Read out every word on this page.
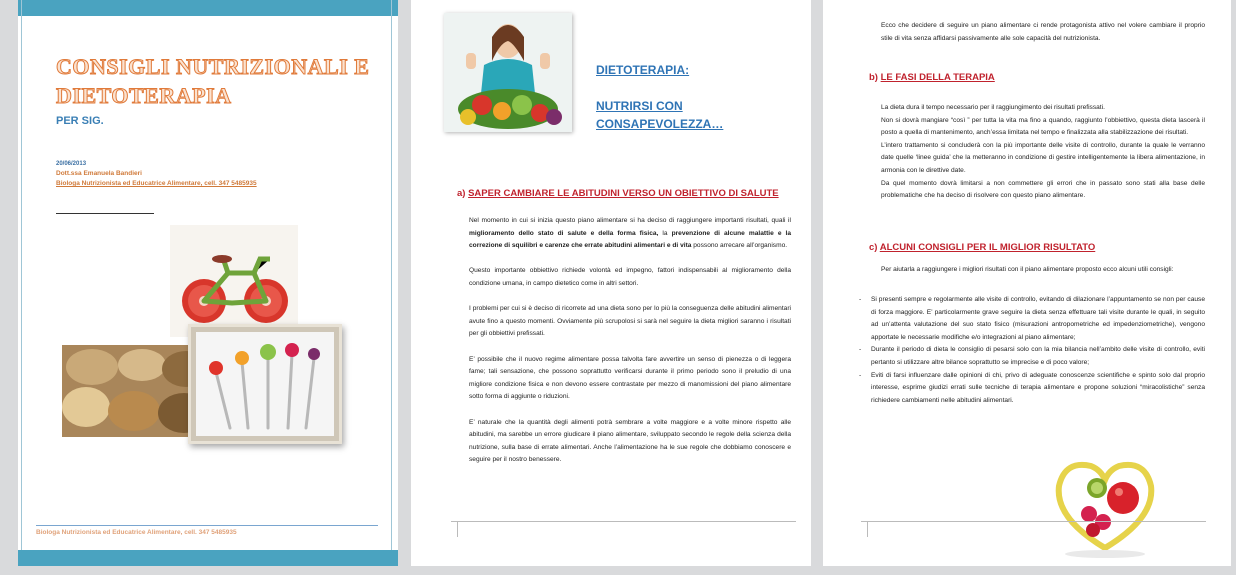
CONSIGLI NUTRIZIONALI E DIETOTERAPIA
PER SIG.
20/06/2013
Dott.ssa Emanuela Bandieri
Biologa Nutrizionista ed Educatrice Alimentare, cell. 347 5485935
Biologa Nutrizionista ed Educatrice Alimentare, cell. 347 5485935
DIETOTERAPIA:
NUTRIRSI CON
CONSAPEVOLEZZA…
a) SAPER CAMBIARE LE ABITUDINI VERSO UN OBIETTIVO DI SALUTE

Nel momento in cui si inizia questo piano alimentare si ha deciso di raggiungere importanti risultati, quali il miglioramento dello stato di salute e della forma fisica, la prevenzione di alcune malattie e la correzione di squilibri e carenze che errate abitudini alimentari e di vita possono arrecare all’organismo.

Questo importante obbiettivo richiede volontà ed impegno, fattori indispensabili al miglioramento della condizione umana, in campo dietetico come in altri settori.

I problemi per cui si è deciso di ricorrete ad una dieta sono per lo più la conseguenza delle abitudini alimentari avute fino a questo momenti. Ovviamente più scrupolosi si sarà nel seguire la dieta migliori saranno i risultati per gli obbiettivi prefissati.

E’ possibile che il nuovo regime alimentare possa talvolta fare avvertire un senso di pienezza o di leggera fame; tali sensazione, che possono soprattutto verificarsi durante il primo periodo sono il preludio di una migliore condizione fisica e non devono essere contrastate per mezzo di manomissioni del piano alimentare sotto forma di aggiunte o riduzioni.

E’ naturale che la quantità degli alimenti potrà sembrare a volte maggiore e a volte minore rispetto alle abitudini, ma sarebbe un errore giudicare il piano alimentare, sviluppato secondo le regole della scienza della nutrizione, sulla base di errate alimentari. Anche l’alimentazione ha le sue regole che dobbiamo conoscere e seguire per il nostro benessere.

Ecco che decidere di seguire un piano alimentare ci rende protagonista attivo nel volere cambiare il proprio stile di vita senza affidarsi passivamente alle sole capacità del nutrizionista.
b) LE FASI DELLA TERAPIA
La dieta dura il tempo necessario per il raggiungimento dei risultati prefissati.
Non si dovrà mangiare “così ” per tutta la vita ma fino a quando, raggiunto l’obbiettivo, questa dieta lascerà il posto a quella di mantenimento, anch’essa limitata nel tempo e finalizzata alla stabilizzazione dei risultati.
L’intero trattamento si concluderà con la più importante delle visite di controllo, durante la quale le verranno date quelle ‘linee guida’ che la metteranno in condizione di gestire intelligentemente la libera alimentazione, in armonia con le direttive date.
Da quel momento dovrà limitarsi a non commettere gli errori che in passato sono stati alla base delle problematiche che ha deciso di risolvere con questo piano alimentare.
c) ALCUNI CONSIGLI PER IL MIGLIOR RISULTATO
Per aiutarla a raggiungere i migliori risultati con il piano alimentare proposto ecco alcuni utili consigli:
- Si presenti sempre e regolarmente alle visite di controllo, evitando di dilazionare l’appuntamento se non per cause di forza maggiore. E’ particolarmente grave seguire la dieta senza effettuare tali visite durante le quali, in seguito ad un’attenta valutazione del suo stato fisico (misurazioni antropometriche ed impedenziometriche), vengono apportate le necessarie modifiche e/o integrazioni al piano alimentare;
- Durante il periodo di dieta le consiglio di pesarsi solo con la mia bilancia nell’ambito delle visite di controllo, eviti pertanto si utilizzare altre bilance soprattutto se imprecise e di poco valore;
- Eviti di farsi influenzare dalle opinioni di chi, privo di adeguate conoscenze scientifiche e spinto solo dal proprio interesse, esprime giudizi errati sulle tecniche di terapia alimentare e propone soluzioni “miracolistiche” senza richiedere cambiamenti nelle abitudini alimentari.
